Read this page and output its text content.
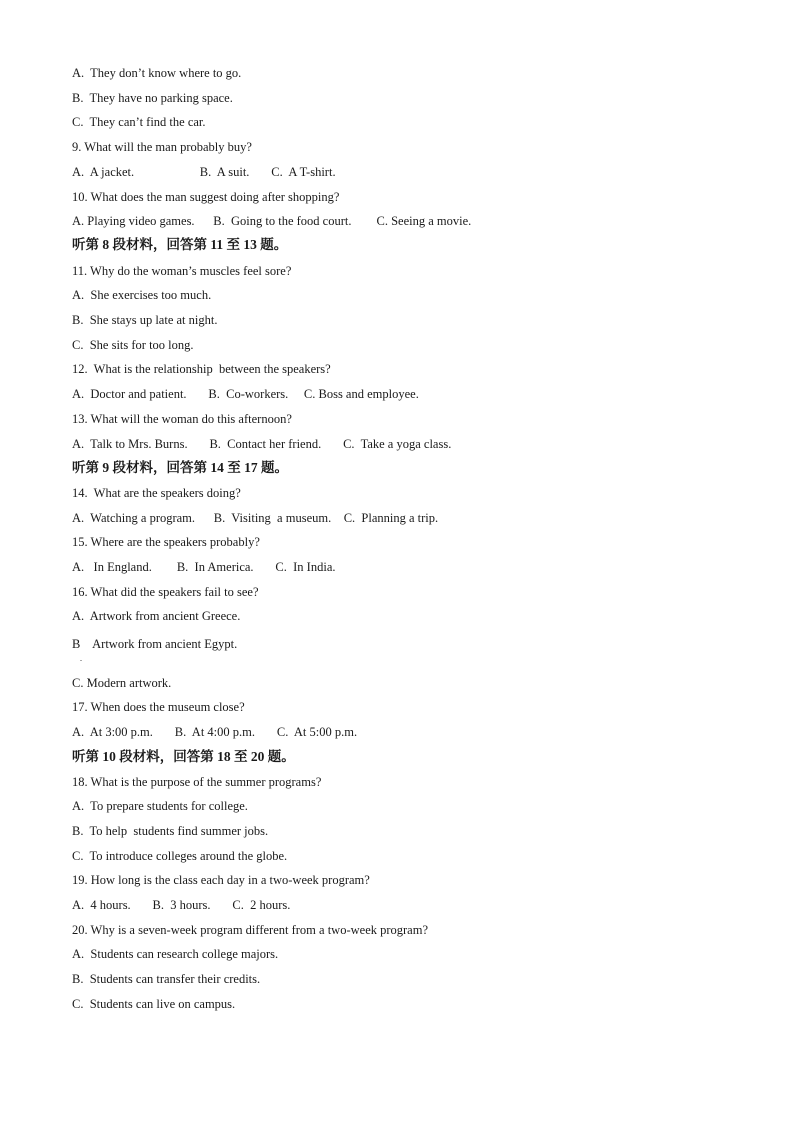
A.  They don’t know where to go.
B.  They have no parking space.
C.  They can’t find the car.
9. What will the man probably buy?
A.  A jacket.                     B.  A suit.       C.  A T-shirt.
10. What does the man suggest doing after shopping?
A. Playing video games.      B.  Going to the food court.        C. Seeing a movie.
听第 8 段材料，回答第 11 至 13 题。
11. Why do the woman’s muscles feel sore?
A.  She exercises too much.
B.  She stays up late at night.
C.  She sits for too long.
12.  What is the relationship  between the speakers?
A.  Doctor and patient.       B.  Co-workers.     C. Boss and employee.
13. What will the woman do this afternoon?
A.  Talk to Mrs. Burns.       B.  Contact her friend.       C.  Take a yoga class.
听第 9 段材料，回答第 14 至 17 题。
14.  What are the speakers doing?
A.  Watching a program.      B.  Visiting  a museum.    C.  Planning a trip.
15. Where are the speakers probably?
A.   In England.        B.  In America.       C.  In India.
16. What did the speakers fail to see?
A.  Artwork from ancient Greece.
B    Artwork from ancient Egypt.
.
C. Modern artwork.
17. When does the museum close?
A.  At 3:00 p.m.       B.  At 4:00 p.m.       C.  At 5:00 p.m.
听第 10 段材料，回答第 18 至 20 题。
18. What is the purpose of the summer programs?
A.  To prepare students for college.
B.  To help  students find summer jobs.
C.  To introduce colleges around the globe.
19. How long is the class each day in a two-week program?
A.  4 hours.       B.  3 hours.       C.  2 hours.
20. Why is a seven-week program different from a two-week program?
A.  Students can research college majors.
B.  Students can transfer their credits.
C.  Students can live on campus.
